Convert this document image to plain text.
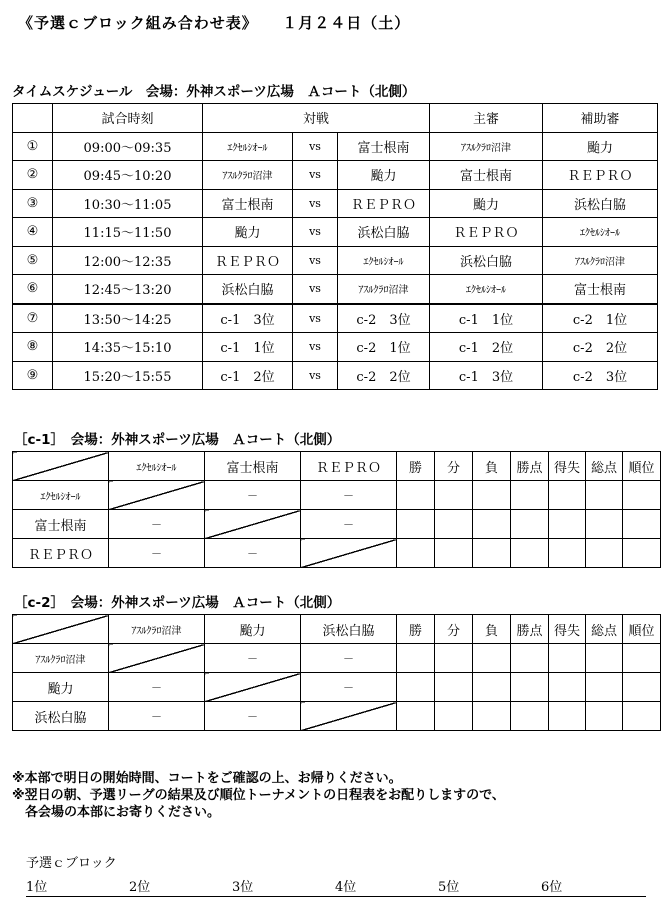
《予選ｃブロック組み合わせ表》　　１月２４日（土）
タイムスケジュール　会場：外神スポーツ広場　Ａコート（北側）
	試合時刻	対戦			主審	補助審
①	09:00～09:35	ｴｸｾﾙｼｵｰﾙ	vs	富士根南	ｱｽﾙｸﾗﾛ沼津	颱力
②	09:45～10:20	ｱｽﾙｸﾗﾛ沼津	vs	颱力	富士根南	ＲＥＰＲＯ
③	10:30～11:05	富士根南	vs	ＲＥＰＲＯ	颱力	浜松白脇
④	11:15～11:50	颱力	vs	浜松白脇	ＲＥＰＲＯ	ｴｸｾﾙｼｵｰﾙ
⑤	12:00～12:35	ＲＥＰＲＯ	vs	ｴｸｾﾙｼｵｰﾙ	浜松白脇	ｱｽﾙｸﾗﾛ沼津
⑥	12:45～13:20	浜松白脇	vs	ｱｽﾙｸﾗﾛ沼津	ｴｸｾﾙｼｵｰﾙ	富士根南
⑦	13:50～14:25	c-1　3位	vs	c-2　3位	c-1　1位	c-2　1位
⑧	14:35～15:10	c-1　1位	vs	c-2　1位	c-1　2位	c-2　2位
⑨	15:20～15:55	c-1　2位	vs	c-2　2位	c-1　3位	c-2　3位
［c-1］　会場：外神スポーツ広場　Ａコート（北側）
	ｴｸｾﾙｼｵｰﾙ	富士根南	ＲＥＰＲＯ	勝	分	負	勝点	得失	総点	順位
ｴｸｾﾙｼｵｰﾙ		－	－							
富士根南	－		－							
ＲＥＰＲＯ	－	－								
［c-2］　会場：外神スポーツ広場　Ａコート（北側）
	ｱｽﾙｸﾗﾛ沼津	颱力	浜松白脇	勝	分	負	勝点	得失	総点	順位
ｱｽﾙｸﾗﾛ沼津		－	－							
颱力	－		－							
浜松白脇	－	－								
※本部で明日の開始時間、コートをご確認の上、お帰りください。
※翌日の朝、予選リーグの結果及び順位トーナメントの日程表をお配りしますので、
　各会場の本部にお寄りください。
予選ｃブロック
1位	2位	3位	4位	5位	6位
